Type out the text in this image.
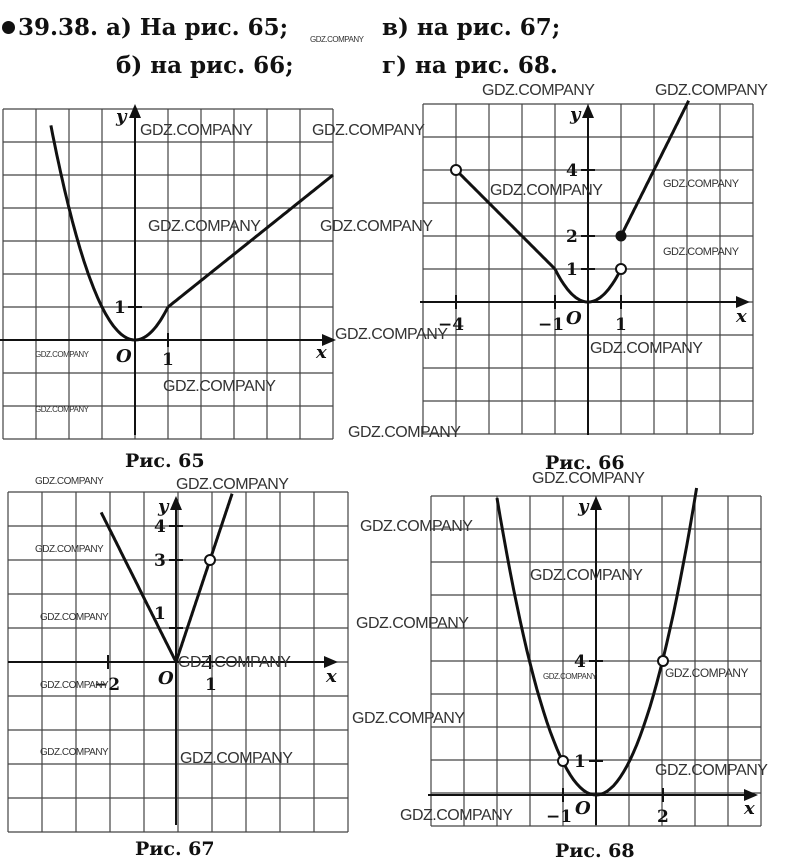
39.38. а) На рис. 65;	в) на рис. 67;
б) на рис. 66;	г) на рис. 68.
y
x
O 1
1
Рис. 65
y
x
O
−4	−1	1
4
2
1
Рис. 66
y
x
O
−2	1
4
3
1
Рис. 67
y
x
O
−1	2
4
1
Рис. 68
GDZ.COMPANY
GDZ.COMPANY	GDZ.COMPANY
GDZ.COMPANY	GDZ.COMPANY
GDZ.COMPANY	GDZ.COMPANY
GDZ.COMPANY	GDZ.COMPANY
GDZ.COMPANY
GDZ.COMPANY
GDZ.COMPANY
GDZ.COMPANY
GDZ.COMPANY
GDZ.COMPANY
GDZ.COMPANY
GDZ.COMPANY
GDZ.COMPANY	GDZ.COMPANY
GDZ.COMPANY
GDZ.COMPANY
GDZ.COMPANY
GDZ.COMPANY	GDZ.COMPANY
GDZ.COMPANY
GDZ.COMPANY
GDZ.COMPANY
GDZ.COMPANY
GDZ.COMPANY
GDZ.COMPANY	GDZ.COMPANY
GDZ.COMPANY
GDZ.COMPANY
